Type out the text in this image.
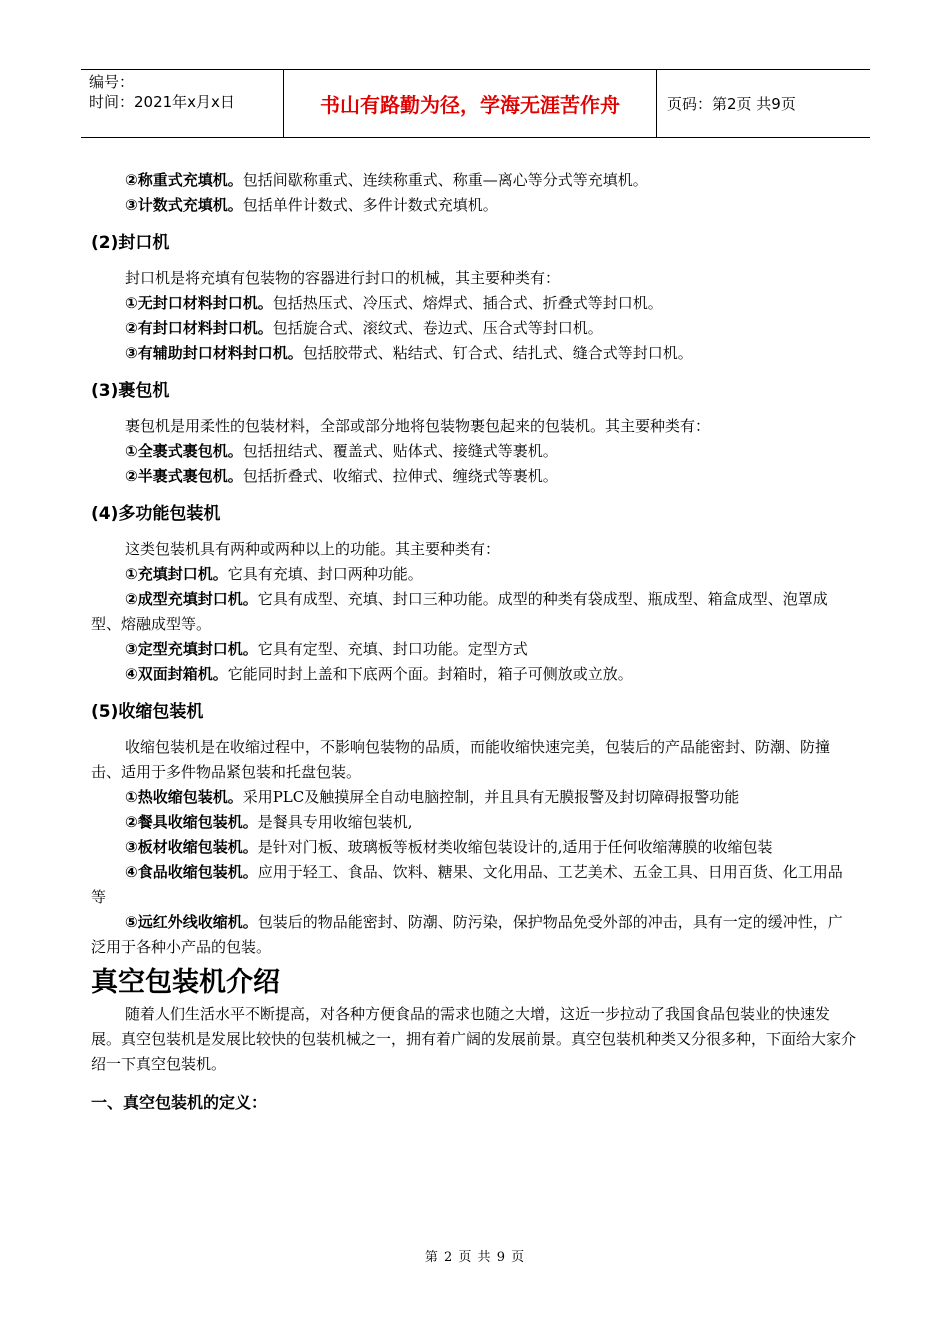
编号：
时间：2021年x月x日	书山有路勤为径，学海无涯苦作舟	页码：第2页 共9页

②称重式充填机。包括间歇称重式、连续称重式、称重—离心等分式等充填机。

③计数式充填机。包括单件计数式、多件计数式充填机。

(2)封口机

封口机是将充填有包装物的容器进行封口的机械，其主要种类有：

①无封口材料封口机。包括热压式、冷压式、熔焊式、插合式、折叠式等封口机。

②有封口材料封口机。包括旋合式、滚纹式、卷边式、压合式等封口机。

③有辅助封口材料封口机。包括胶带式、粘结式、钉合式、结扎式、缝合式等封口机。

(3)裹包机

裹包机是用柔性的包装材料，全部或部分地将包装物裹包起来的包装机。其主要种类有：

①全裹式裹包机。包括扭结式、覆盖式、贴体式、接缝式等裹机。

②半裹式裹包机。包括折叠式、收缩式、拉伸式、缠绕式等裹机。

(4)多功能包装机

这类包装机具有两种或两种以上的功能。其主要种类有：

①充填封口机。它具有充填、封口两种功能。

②成型充填封口机。它具有成型、充填、封口三种功能。成型的种类有袋成型、瓶成型、箱盒成型、泡罩成型、熔融成型等。

③定型充填封口机。它具有定型、充填、封口功能。定型方式

④双面封箱机。它能同时封上盖和下底两个面。封箱时，箱子可侧放或立放。

(5)收缩包装机

收缩包装机是在收缩过程中，不影响包装物的品质，而能收缩快速完美，包装后的产品能密封、防潮、防撞击、适用于多件物品紧包装和托盘包装。

①热收缩包装机。采用PLC及触摸屏全自动电脑控制，并且具有无膜报警及封切障碍报警功能

②餐具收缩包装机。是餐具专用收缩包装机,

③板材收缩包装机。是针对门板、玻璃板等板材类收缩包装设计的,适用于任何收缩薄膜的收缩包装

④食品收缩包装机。应用于轻工、食品、饮料、糖果、文化用品、工艺美术、五金工具、日用百货、化工用品等

⑤远红外线收缩机。包装后的物品能密封、防潮、防污染，保护物品免受外部的冲击，具有一定的缓冲性，广泛用于各种小产品的包装。

真空包装机介绍

随着人们生活水平不断提高，对各种方便食品的需求也随之大增，这近一步拉动了我国食品包装业的快速发展。真空包装机是发展比较快的包装机械之一，拥有着广阔的发展前景。真空包装机种类又分很多种，下面给大家介绍一下真空包装机。

一、真空包装机的定义：
第 2 页 共 9 页
